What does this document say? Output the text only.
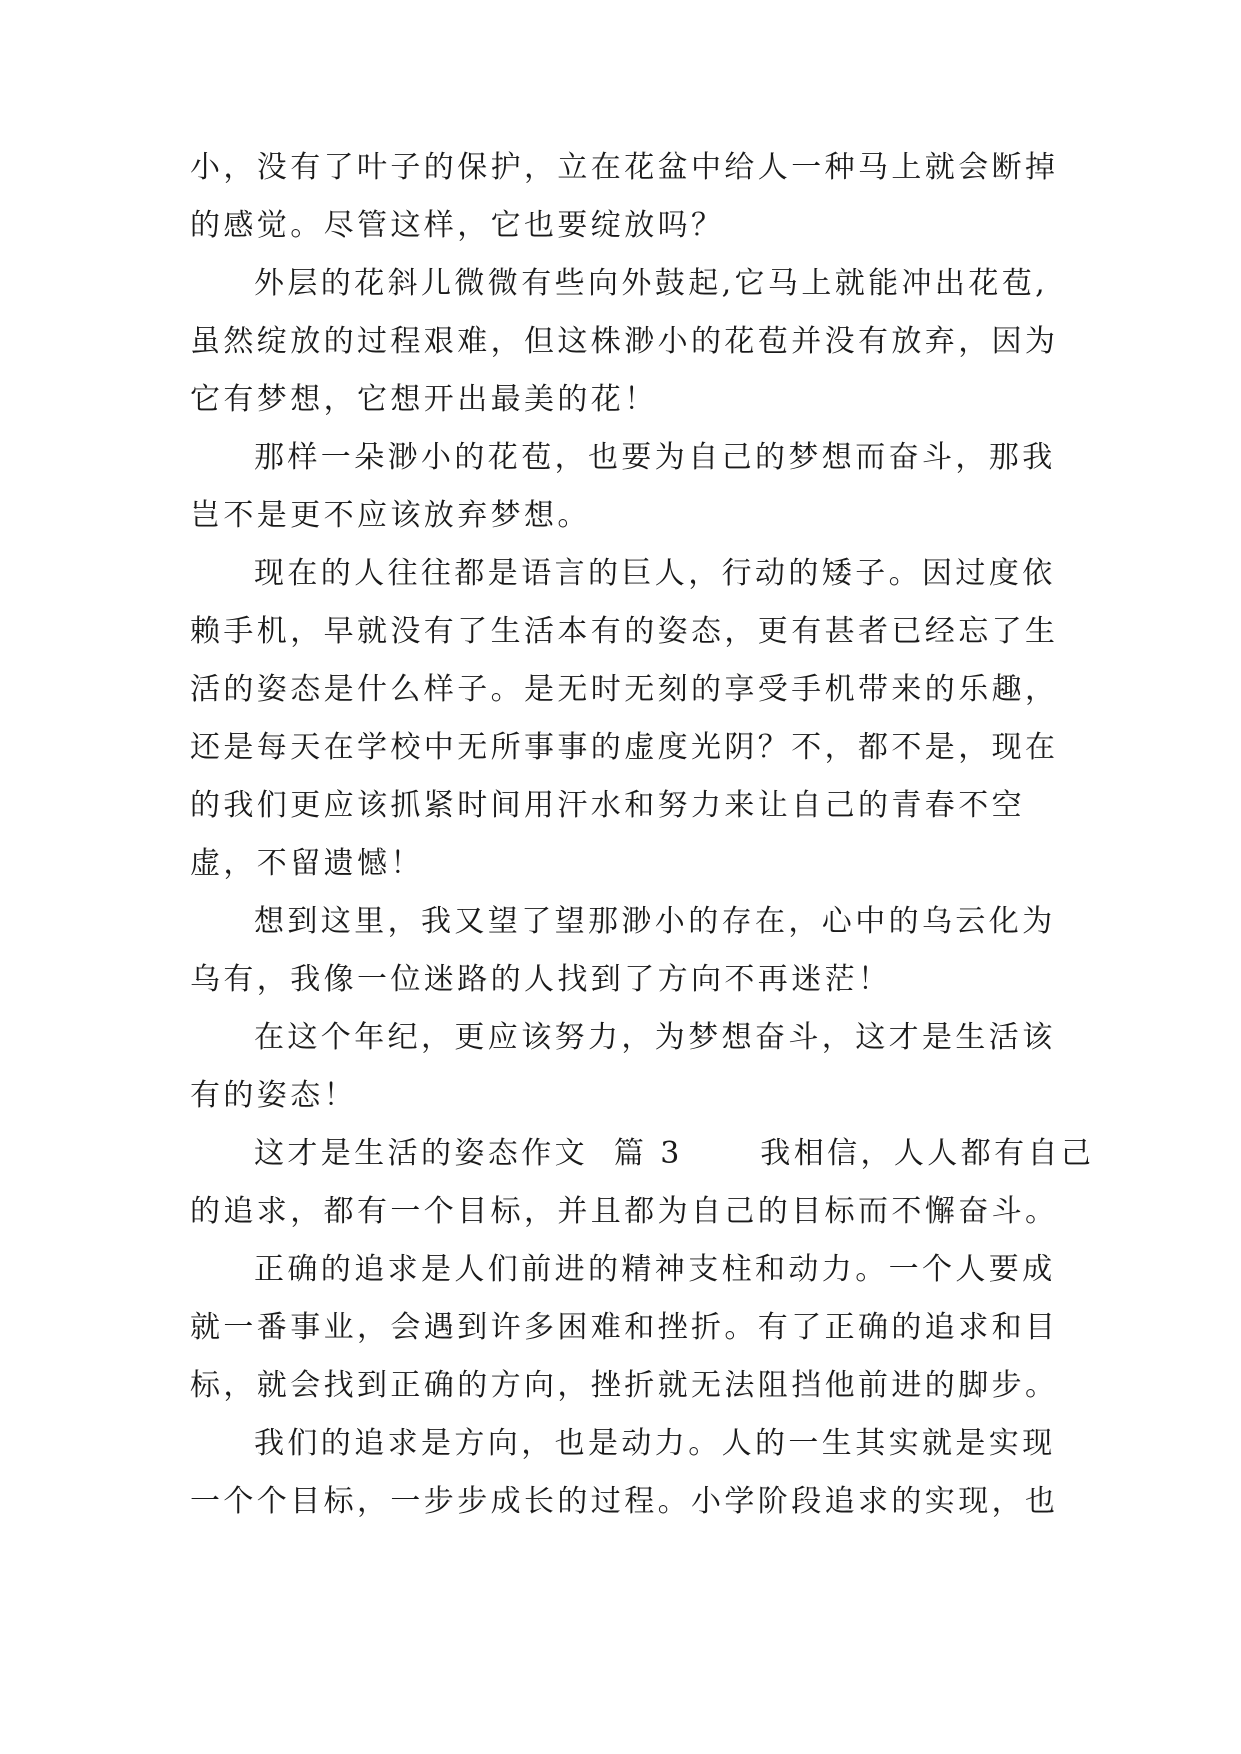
小，没有了叶子的保护，立在花盆中给人一种马上就会断掉
的感觉。尽管这样，它也要绽放吗？
外层的花斜儿微微有些向外鼓起,它马上就能冲出花苞,
虽然绽放的过程艰难，但这株渺小的花苞并没有放弃，因为
它有梦想，它想开出最美的花！
那样一朵渺小的花苞，也要为自己的梦想而奋斗，那我
岂不是更不应该放弃梦想。
现在的人往往都是语言的巨人，行动的矮子。因过度依
赖手机，早就没有了生活本有的姿态，更有甚者已经忘了生
活的姿态是什么样子。是无时无刻的享受手机带来的乐趣，
还是每天在学校中无所事事的虚度光阴？不，都不是，现在
的我们更应该抓紧时间用汗水和努力来让自己的青春不空
虚，不留遗憾！
想到这里，我又望了望那渺小的存在，心中的乌云化为
乌有，我像一位迷路的人找到了方向不再迷茫！
在这个年纪，更应该努力，为梦想奋斗，这才是生活该
有的姿态！
这才是生活的姿态作文  篇 3      我相信，人人都有自己
的追求，都有一个目标，并且都为自己的目标而不懈奋斗。
正确的追求是人们前进的精神支柱和动力。一个人要成
就一番事业，会遇到许多困难和挫折。有了正确的追求和目
标，就会找到正确的方向，挫折就无法阻挡他前进的脚步。
我们的追求是方向，也是动力。人的一生其实就是实现
一个个目标，一步步成长的过程。小学阶段追求的实现，也
